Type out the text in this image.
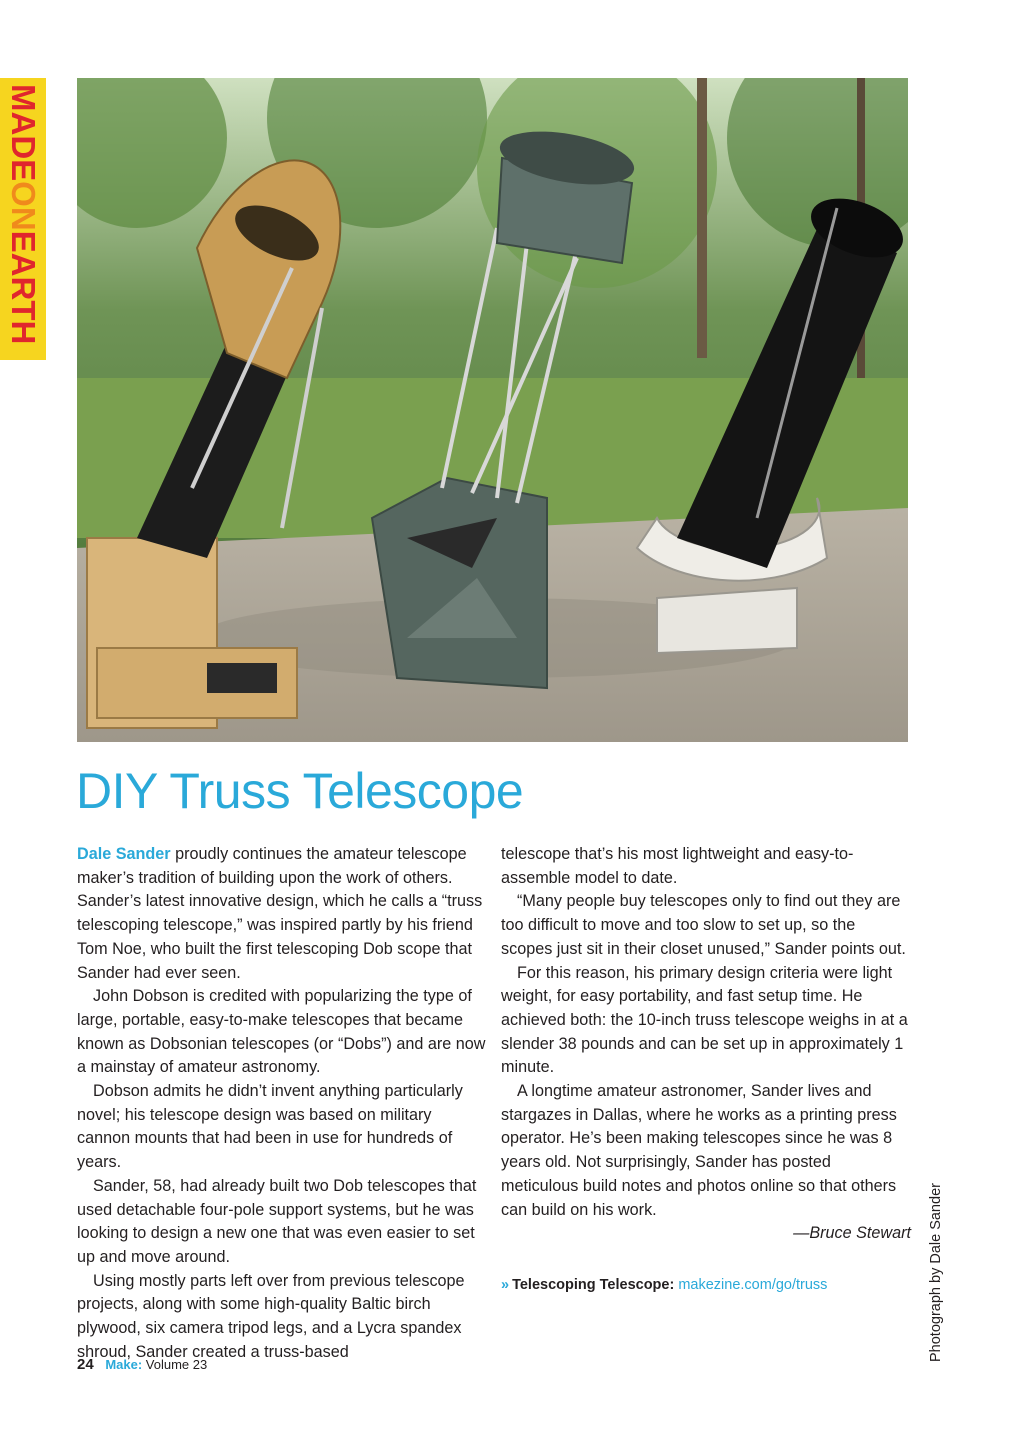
MADEONEARTH
DIY Truss Telescope

Dale Sander proudly continues the amateur telescope maker’s tradition of building upon the work of others. Sander’s latest innovative design, which he calls a “truss telescoping telescope,” was inspired partly by his friend Tom Noe, who built the first telescoping Dob scope that Sander had ever seen.

John Dobson is credited with popularizing the type of large, portable, easy-to-make telescopes that became known as Dobsonian telescopes (or “Dobs”) and are now a mainstay of amateur astronomy.

Dobson admits he didn’t invent anything particularly novel; his telescope design was based on military cannon mounts that had been in use for hundreds of years.

Sander, 58, had already built two Dob telescopes that used detachable four-pole support systems, but he was looking to design a new one that was even easier to set up and move around.

Using mostly parts left over from previous telescope projects, along with some high-quality Baltic birch plywood, six camera tripod legs, and a Lycra spandex shroud, Sander created a truss-based

telescope that’s his most lightweight and easy-to-assemble model to date.

“Many people buy telescopes only to find out they are too difficult to move and too slow to set up, so the scopes just sit in their closet unused,” Sander points out.

For this reason, his primary design criteria were light weight, for easy portability, and fast setup time. He achieved both: the 10-inch truss telescope weighs in at a slender 38 pounds and can be set up in approximately 1 minute.

A longtime amateur astronomer, Sander lives and stargazes in Dallas, where he works as a printing press operator. He’s been making telescopes since he was 8 years old. Not surprisingly, Sander has posted meticulous build notes and photos online so that others can build on his work.

—Bruce Stewart

» Telescoping Telescope: makezine.com/go/truss	Photograph by Dale Sander
24 Make: Volume 23
